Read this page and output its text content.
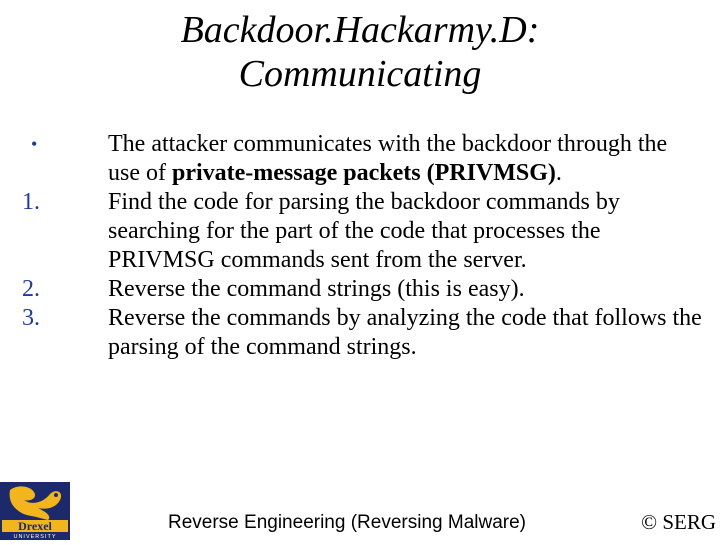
Backdoor.Hackarmy.D:
Communicating
•	The attacker communicates with the backdoor through the use of private-message packets (PRIVMSG).
1.	Find the code for parsing the backdoor commands by searching for the part of the code that processes the PRIVMSG commands sent from the server.
2.	Reverse the command strings (this is easy).
3.	Reverse the commands by analyzing the code that follows the parsing of the command strings.
Drexel
UNIVERSITY
Reverse Engineering (Reversing Malware)	© SERG
